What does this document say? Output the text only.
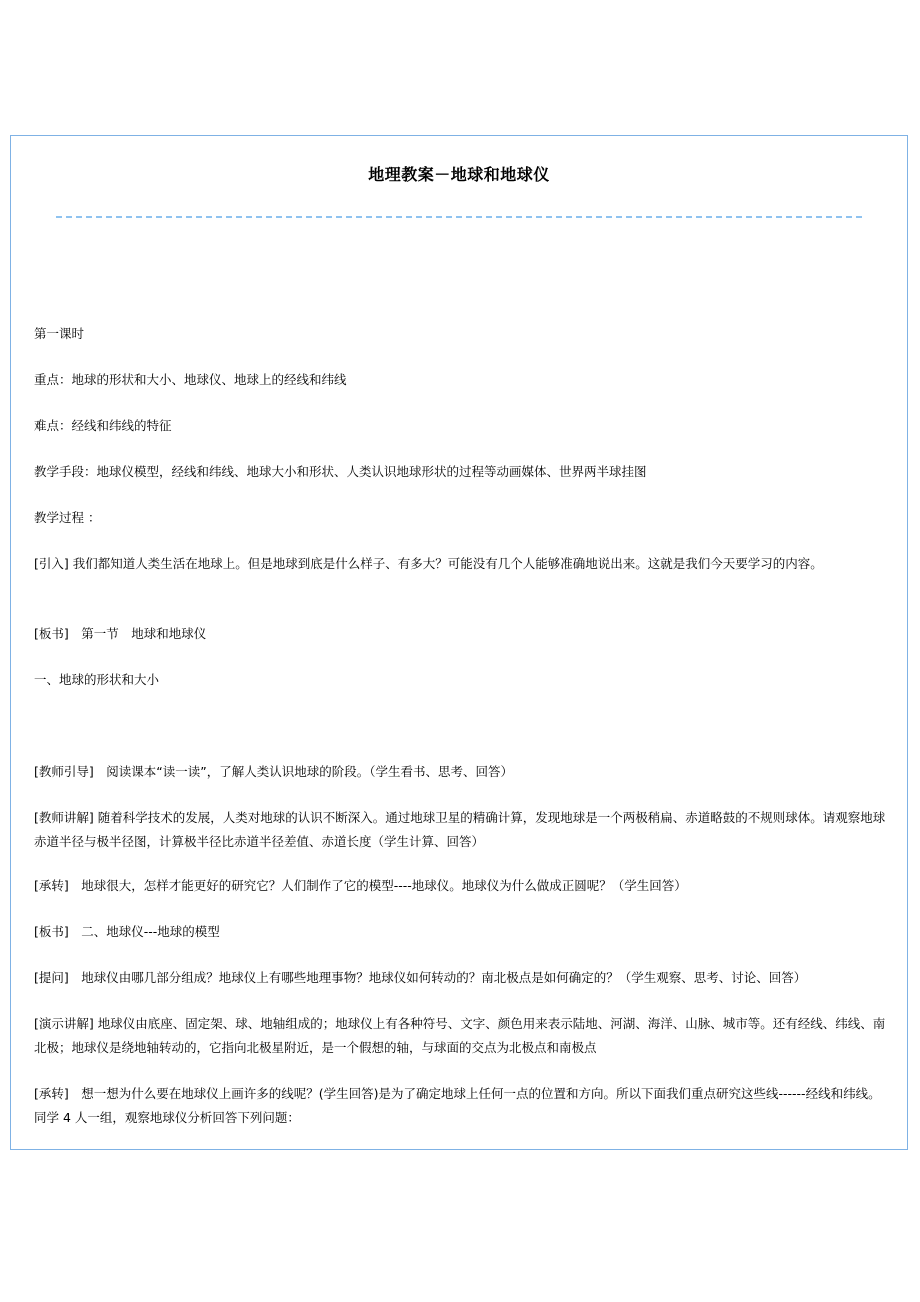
地理教案－地球和地球仪
第一课时
重点：地球的形状和大小、地球仪、地球上的经线和纬线
难点：经线和纬线的特征
教学手段：地球仪模型，经线和纬线、地球大小和形状、人类认识地球形状的过程等动画媒体、世界两半球挂图
教学过程 ：
[引入] 我们都知道人类生活在地球上。但是地球到底是什么样子、有多大？可能没有几个人能够准确地说出来。这就是我们今天要学习的内容。
[板书]　第一节　地球和地球仪
一、地球的形状和大小
[教师引导]　阅读课本“读一读”，了解人类认识地球的阶段。（学生看书、思考、回答）
[教师讲解] 随着科学技术的发展，人类对地球的认识不断深入。通过地球卫星的精确计算，发现地球是一个两极稍扁、赤道略鼓的不规则球体。请观察地球赤道半径与极半径图，计算极半径比赤道半径差值、赤道长度（学生计算、回答）
[承转]　地球很大，怎样才能更好的研究它？人们制作了它的模型----地球仪。地球仪为什么做成正圆呢？（学生回答）
[板书]　二、地球仪---地球的模型
[提问]　地球仪由哪几部分组成？地球仪上有哪些地理事物？地球仪如何转动的？南北极点是如何确定的？（学生观察、思考、讨论、回答）
[演示讲解] 地球仪由底座、固定架、球、地轴组成的；地球仪上有各种符号、文字、颜色用来表示陆地、河湖、海洋、山脉、城市等。还有经线、纬线、南北极；地球仪是绕地轴转动的，它指向北极星附近，是一个假想的轴，与球面的交点为北极点和南极点
[承转]　想一想为什么要在地球仪上画许多的线呢？(学生回答)是为了确定地球上任何一点的位置和方向。所以下面我们重点研究这些线------经线和纬线。同学 4 人一组，观察地球仪分析回答下列问题：
